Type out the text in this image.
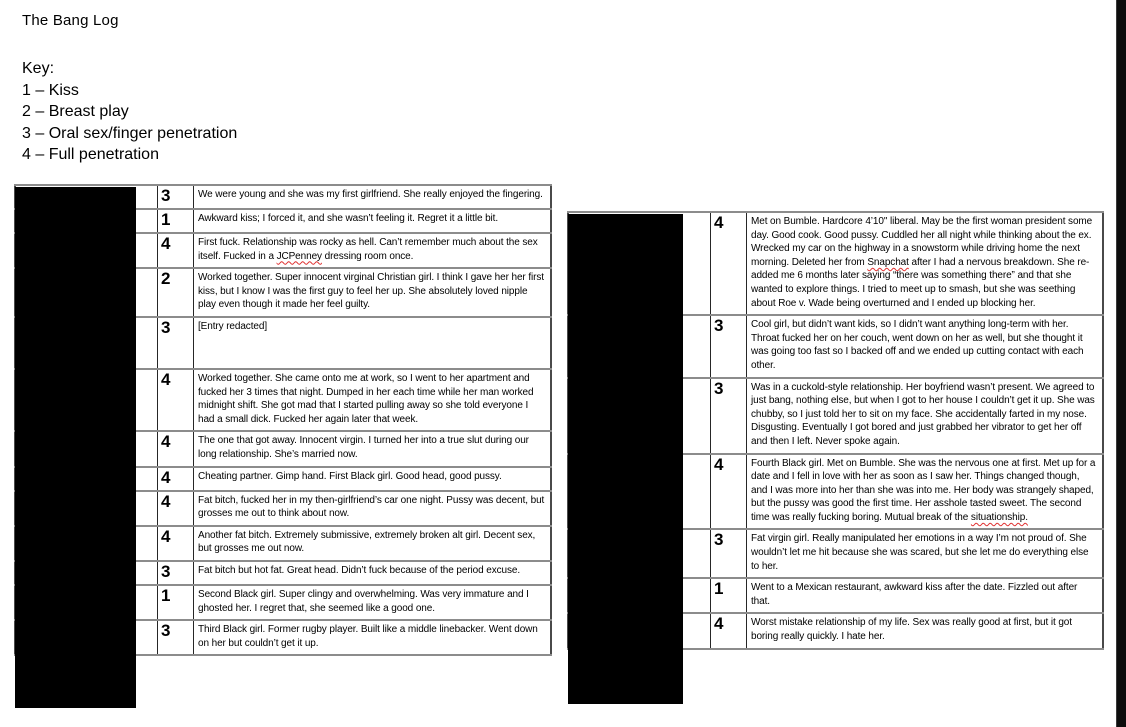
The Bang Log
Key:
1 – Kiss
2 – Breast play
3 – Oral sex/finger penetration
4 – Full penetration
	3	We were young and she was my first girlfriend. She really enjoyed the fingering.
	1	Awkward kiss; I forced it, and she wasn’t feeling it. Regret it a little bit.
	4	First fuck. Relationship was rocky as hell. Can’t remember much about the sex itself. Fucked in a JCPenney dressing room once.
	2	Worked together. Super innocent virginal Christian girl. I think I gave her her first kiss, but I know I was the first guy to feel her up. She absolutely loved nipple play even though it made her feel guilty.
	3	[Entry redacted]
	4	Worked together. She came onto me at work, so I went to her apartment and fucked her 3 times that night. Dumped in her each time while her man worked midnight shift. She got mad that I started pulling away so she told everyone I had a small dick. Fucked her again later that week.
	4	The one that got away. Innocent virgin. I turned her into a true slut during our long relationship. She’s married now.
	4	Cheating partner. Gimp hand. First Black girl. Good head, good pussy.
	4	Fat bitch, fucked her in my then-girlfriend’s car one night. Pussy was decent, but grosses me out to think about now.
	4	Another fat bitch. Extremely submissive, extremely broken alt girl. Decent sex, but grosses me out now.
	3	Fat bitch but hot fat. Great head. Didn’t fuck because of the period excuse.
	1	Second Black girl. Super clingy and overwhelming. Was very immature and I ghosted her. I regret that, she seemed like a good one.
	3	Third Black girl. Former rugby player. Built like a middle linebacker. Went down on her but couldn’t get it up.
	4	Met on Bumble. Hardcore 4’10" liberal. May be the first woman president some day. Good cook. Good pussy. Cuddled her all night while thinking about the ex. Wrecked my car on the highway in a snowstorm while driving home the next morning. Deleted her from Snapchat after I had a nervous breakdown. She re-added me 6 months later saying “there was something there” and that she wanted to explore things. I tried to meet up to smash, but she was seething about Roe v. Wade being overturned and I ended up blocking her.
	3	Cool girl, but didn’t want kids, so I didn’t want anything long-term with her. Throat fucked her on her couch, went down on her as well, but she thought it was going too fast so I backed off and we ended up cutting contact with each other.
	3	Was in a cuckold-style relationship. Her boyfriend wasn’t present. We agreed to just bang, nothing else, but when I got to her house I couldn’t get it up. She was chubby, so I just told her to sit on my face. She accidentally farted in my nose. Disgusting. Eventually I got bored and just grabbed her vibrator to get her off and then I left. Never spoke again.
	4	Fourth Black girl. Met on Bumble. She was the nervous one at first. Met up for a date and I fell in love with her as soon as I saw her. Things changed though, and I was more into her than she was into me. Her body was strangely shaped, but the pussy was good the first time. Her asshole tasted sweet. The second time was really fucking boring. Mutual break of the situationship.
	3	Fat virgin girl. Really manipulated her emotions in a way I’m not proud of. She wouldn’t let me hit because she was scared, but she let me do everything else to her.
	1	Went to a Mexican restaurant, awkward kiss after the date. Fizzled out after that.
	4	Worst mistake relationship of my life. Sex was really good at first, but it got boring really quickly. I hate her.
